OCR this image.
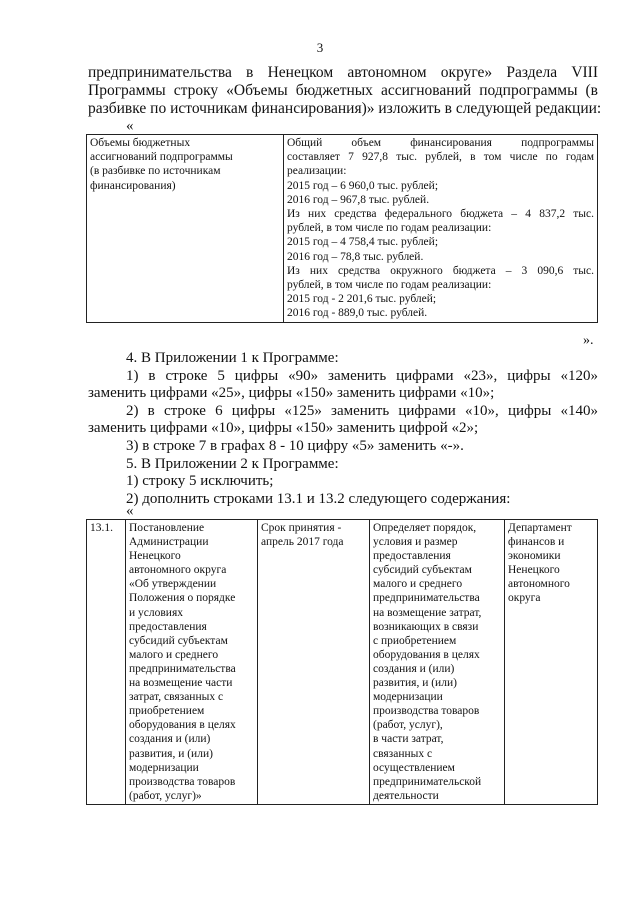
3
предпринимательства в Ненецком автономном округе» Раздела VIII
Программы строку «Объемы бюджетных ассигнований подпрограммы (в
разбивке по источникам финансирования)» изложить в следующей редакции:
«
Объемы бюджетных
ассигнований подпрограммы
(в разбивке по источникам
финансирования)

Общий объем финансирования подпрограммы
составляет 7 927,8 тыс. рублей, в том числе по годам
реализации:
2015 год – 6 960,0 тыс. рублей;
2016 год – 967,8 тыс. рублей.
Из них средства федерального бюджета – 4 837,2 тыс.
рублей, в том числе по годам реализации:
2015 год – 4 758,4 тыс. рублей;
2016 год – 78,8 тыс. рублей.
Из них средства окружного бюджета – 3 090,6 тыс.
рублей, в том числе по годам реализации:
2015 год - 2 201,6 тыс. рублей;
2016 год - 889,0 тыс. рублей.
».
4. В Приложении 1 к Программе:
1) в строке 5 цифры «90» заменить цифрами «23», цифры «120»
заменить цифрами «25», цифры «150» заменить цифрами «10»;
2) в строке 6 цифры «125» заменить цифрами «10», цифры «140»
заменить цифрами «10», цифры «150» заменить цифрой «2»;
3) в строке 7 в графах 8 - 10 цифру «5» заменить «-».
5. В Приложении 2 к Программе:
1) строку 5 исключить;
2) дополнить строками 13.1 и 13.2 следующего содержания:
«
13.1.	Постановление
Администрации
Ненецкого
автономного округа
«Об утверждении
Положения о порядке
и условиях
предоставления
субсидий субъектам
малого и среднего
предпринимательства
на возмещение части
затрат, связанных с
приобретением
оборудования в целях
создания и (или)
развития, и (или)
модернизации
производства товаров
(работ, услуг)»

Срок принятия -
апрель 2017 года

Определяет порядок,
условия и размер
предоставления
субсидий субъектам
малого и среднего
предпринимательства
на возмещение затрат,
возникающих в связи
с приобретением
оборудования в целях
создания и (или)
развития, и (или)
модернизации
производства товаров
(работ, услуг),
в части затрат,
связанных с
осуществлением
предпринимательской
деятельности

Департамент
финансов и
экономики
Ненецкого
автономного
округа
